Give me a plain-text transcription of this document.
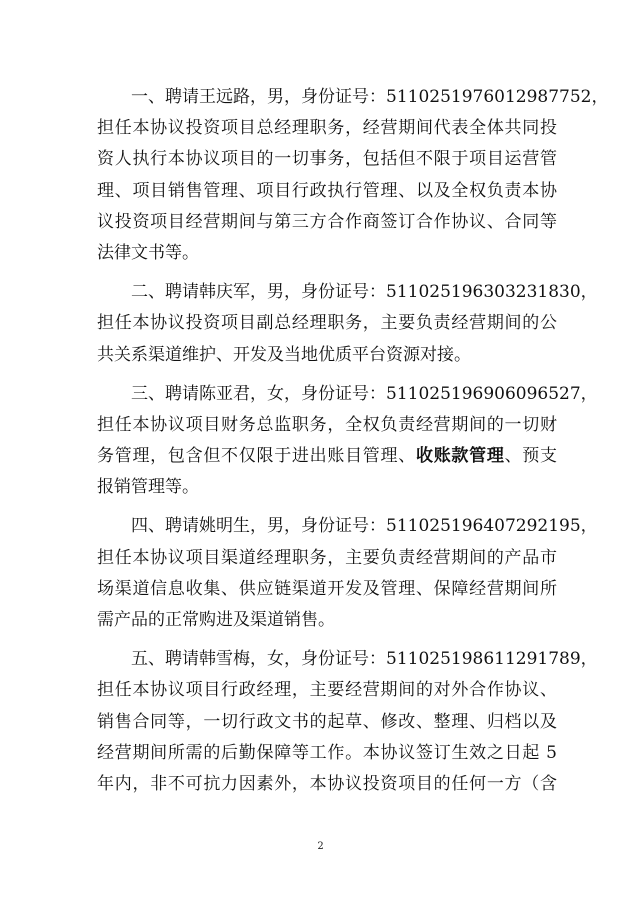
一、聘请王远路，男，身份证号：5110251976012987752，
担任本协议投资项目总经理职务，经营期间代表全体共同投
资人执行本协议项目的一切事务，包括但不限于项目运营管
理、项目销售管理、项目行政执行管理、以及全权负责本协
议投资项目经营期间与第三方合作商签订合作协议、合同等
法律文书等。
二、聘请韩庆军，男，身份证号：511025196303231830，
担任本协议投资项目副总经理职务，主要负责经营期间的公
共关系渠道维护、开发及当地优质平台资源对接。
三、聘请陈亚君，女，身份证号：511025196906096527，
担任本协议项目财务总监职务，全权负责经营期间的一切财
务管理，包含但不仅限于进出账目管理、收账款管理、预支
报销管理等。
四、聘请姚明生，男，身份证号：511025196407292195，
担任本协议项目渠道经理职务，主要负责经营期间的产品市
场渠道信息收集、供应链渠道开发及管理、保障经营期间所
需产品的正常购进及渠道销售。
五、聘请韩雪梅，女，身份证号：511025198611291789，
担任本协议项目行政经理，主要经营期间的对外合作协议、
销售合同等，一切行政文书的起草、修改、整理、归档以及
经营期间所需的后勤保障等工作。本协议签订生效之日起 5
年内，非不可抗力因素外，本协议投资项目的任何一方（含
2
